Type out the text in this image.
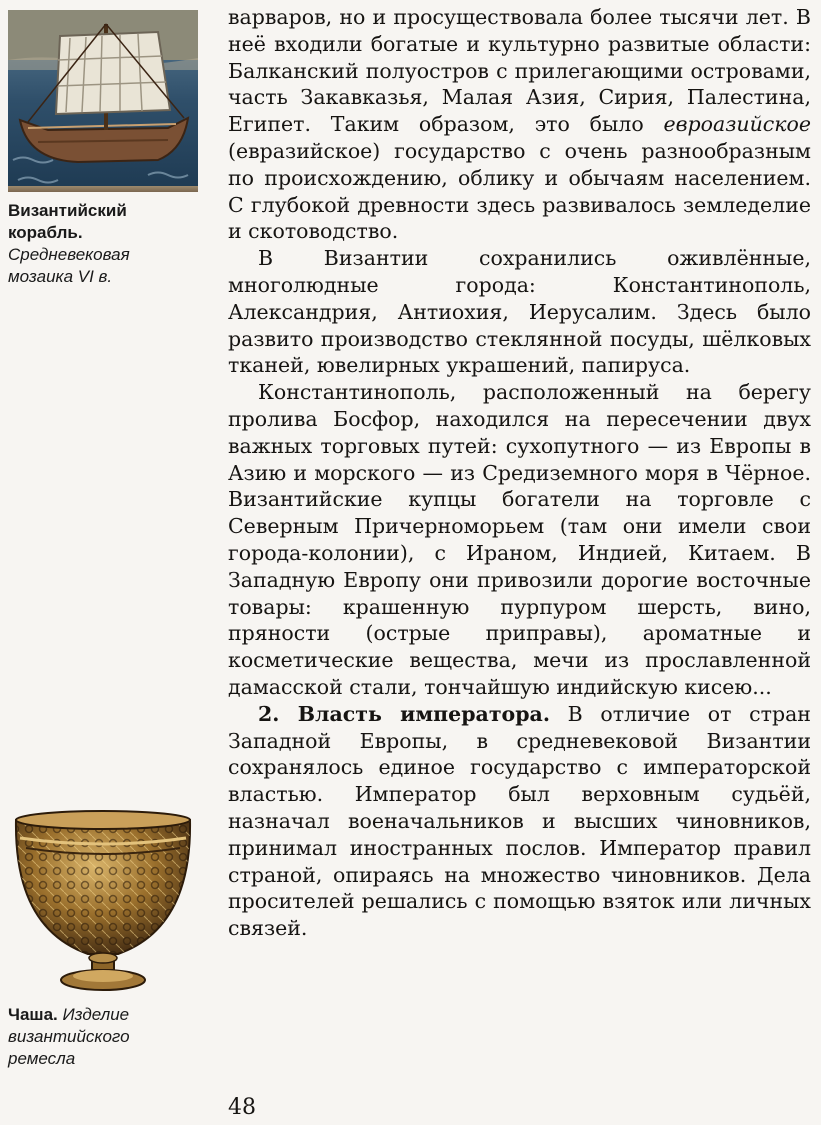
Византийский корабль. Средневековая мозаика VI в.
Чаша. Изделие византийского ремесла

варваров, но и просуществовала более тысячи лет. В неё входили богатые и культурно развитые области: Балканский полуостров с прилегающими островами, часть Закавказья, Малая Азия, Сирия, Палестина, Египет. Таким образом, это было евроазийское (евразийское) государство с очень разнообразным по происхождению, облику и обычаям населением. С глубокой древности здесь развивалось земледелие и скотоводство.

В Византии сохранились оживлённые, многолюдные города: Константинополь, Александрия, Антиохия, Иерусалим. Здесь было развито производство стеклянной посуды, шёлковых тканей, ювелирных украшений, папируса.

Константинополь, расположенный на берегу пролива Босфор, находился на пересечении двух важных торговых путей: сухопутного — из Европы в Азию и морского — из Средиземного моря в Чёрное. Византийские купцы богатели на торговле с Северным Причерноморьем (там они имели свои города-колонии), с Ираном, Индией, Китаем. В Западную Европу они привозили дорогие восточные товары: крашенную пурпуром шерсть, вино, пряности (острые приправы), ароматные и косметические вещества, мечи из прославленной дамасской стали, тончайшую индийскую кисею...

2. Власть императора. В отличие от стран Западной Европы, в средневековой Византии сохранялось единое государство с императорской властью. Император был верховным судьёй, назначал военачальников и высших чиновников, принимал иностранных послов. Император правил страной, опираясь на множество чиновников. Дела просителей решались с помощью взяток или личных связей.

48
